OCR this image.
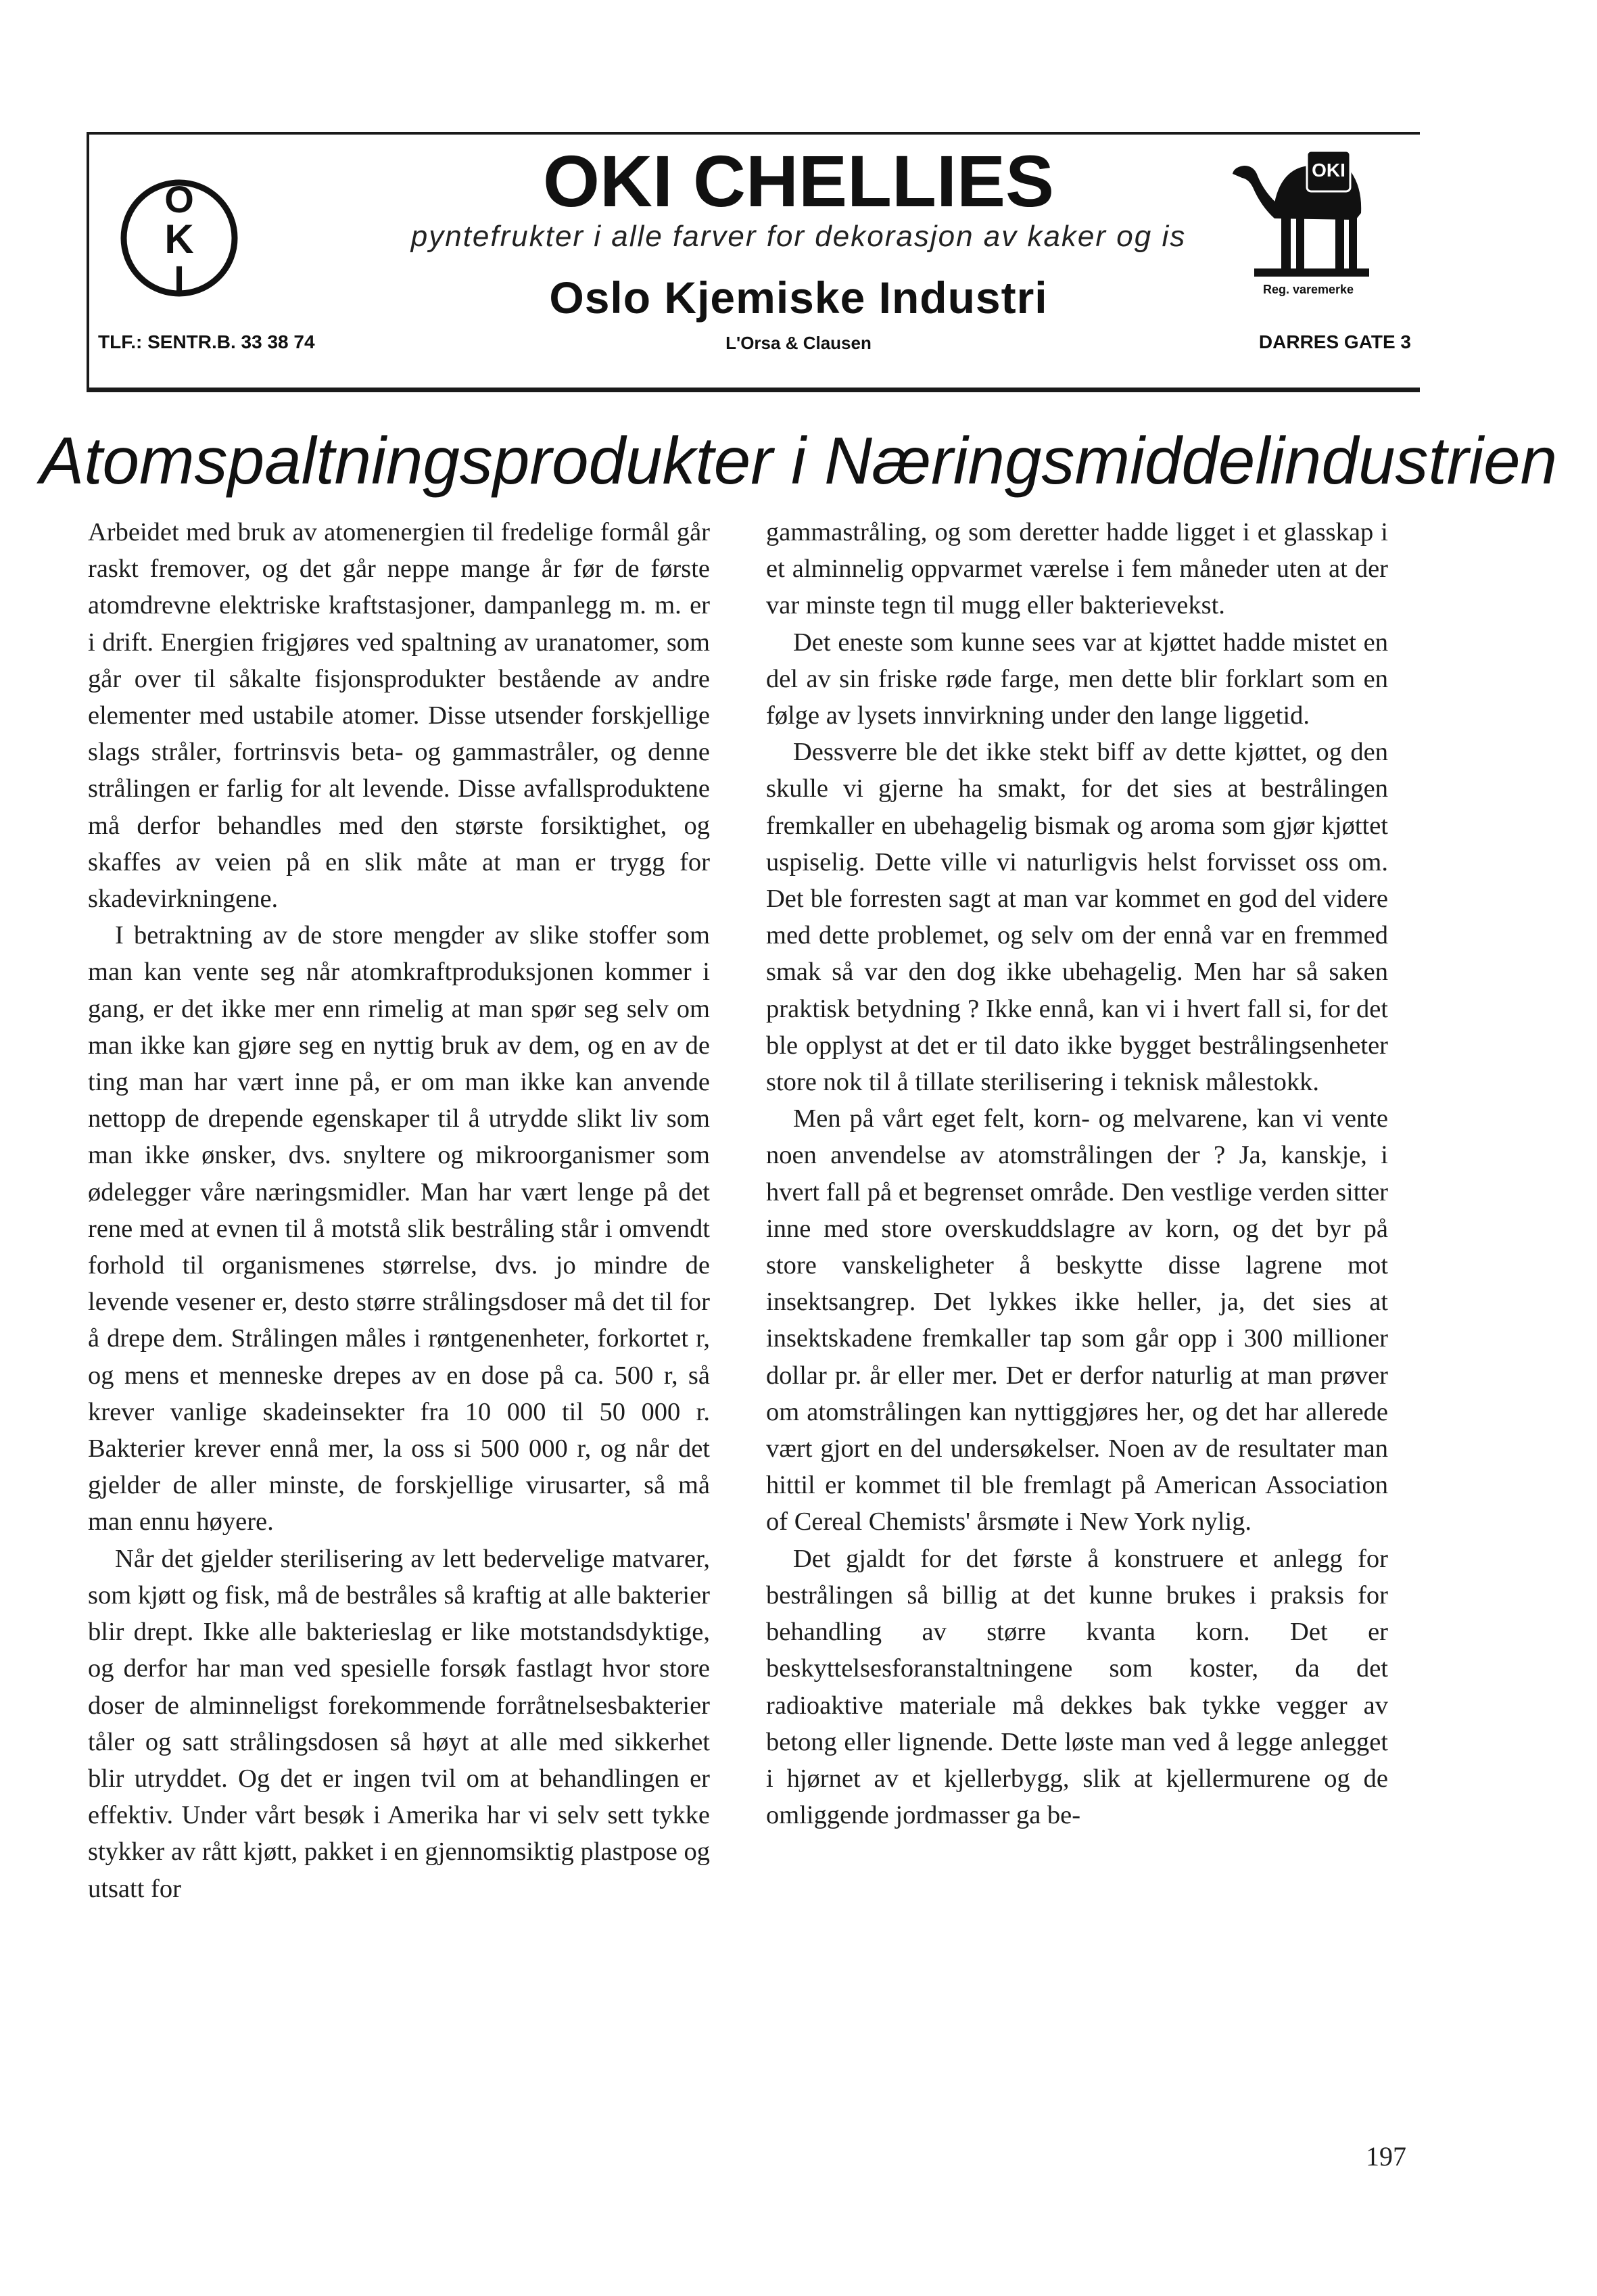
O
K
I
OKI CHELLIES
pyntefrukter i alle farver for dekorasjon av kaker og is
Oslo Kjemiske Industri
TLF.: SENTR.B. 33 38 74	L'Orsa & Clausen	DARRES GATE 3
OKI
Reg. varemerke
Atomspaltningsprodukter i Næringsmiddelindustrien

Arbeidet med bruk av atomenergien til fredelige formål går raskt fremover, og det går neppe mange år før de første atomdrevne elektriske kraftstasjoner, dampanlegg m. m. er i drift. Energien frigjøres ved spaltning av uranatomer, som går over til såkalte fisjonsprodukter bestående av andre elementer med ustabile atomer. Disse utsender forskjellige slags stråler, fortrinsvis beta- og gammastråler, og denne strålingen er farlig for alt levende. Disse avfallsproduktene må derfor behandles med den største forsiktighet, og skaffes av veien på en slik måte at man er trygg for skadevirkningene.

I betraktning av de store mengder av slike stoffer som man kan vente seg når atomkraftproduksjonen kommer i gang, er det ikke mer enn rimelig at man spør seg selv om man ikke kan gjøre seg en nyttig bruk av dem, og en av de ting man har vært inne på, er om man ikke kan anvende nettopp de drepende egenskaper til å utrydde slikt liv som man ikke ønsker, dvs. snyltere og mikroorganismer som ødelegger våre næringsmidler. Man har vært lenge på det rene med at evnen til å motstå slik bestråling står i omvendt forhold til organismenes størrelse, dvs. jo mindre de levende vesener er, desto større strålingsdoser må det til for å drepe dem. Strålingen måles i røntgenenheter, forkortet r, og mens et menneske drepes av en dose på ca. 500 r, så krever vanlige skadeinsekter fra 10 000 til 50 000 r. Bakterier krever ennå mer, la oss si 500 000 r, og når det gjelder de aller minste, de forskjellige virusarter, så må man ennu høyere.

Når det gjelder sterilisering av lett bedervelige matvarer, som kjøtt og fisk, må de bestråles så kraftig at alle bakterier blir drept. Ikke alle bakterieslag er like motstandsdyktige, og derfor har man ved spesielle forsøk fastlagt hvor store doser de alminneligst forekommende forråtnelsesbakterier tåler og satt strålingsdosen så høyt at alle med sikkerhet blir utryddet. Og det er ingen tvil om at behandlingen er effektiv. Under vårt besøk i Amerika har vi selv sett tykke stykker av rått kjøtt, pakket i en gjennomsiktig plastpose og utsatt for

gammastråling, og som deretter hadde ligget i et glasskap i et alminnelig oppvarmet værelse i fem måneder uten at der var minste tegn til mugg eller bakterievekst.

Det eneste som kunne sees var at kjøttet hadde mistet en del av sin friske røde farge, men dette blir forklart som en følge av lysets innvirkning under den lange liggetid.

Dessverre ble det ikke stekt biff av dette kjøttet, og den skulle vi gjerne ha smakt, for det sies at bestrålingen fremkaller en ubehagelig bismak og aroma som gjør kjøttet uspiselig. Dette ville vi naturligvis helst forvisset oss om. Det ble forresten sagt at man var kommet en god del videre med dette problemet, og selv om der ennå var en fremmed smak så var den dog ikke ubehagelig. Men har så saken praktisk betydning ? Ikke ennå, kan vi i hvert fall si, for det ble opplyst at det er til dato ikke bygget bestrålingsenheter store nok til å tillate sterilisering i teknisk målestokk.

Men på vårt eget felt, korn- og melvarene, kan vi vente noen anvendelse av atomstrålingen der ? Ja, kanskje, i hvert fall på et begrenset område. Den vestlige verden sitter inne med store overskuddslagre av korn, og det byr på store vanskeligheter å beskytte disse lagrene mot insektsangrep. Det lykkes ikke heller, ja, det sies at insektskadene fremkaller tap som går opp i 300 millioner dollar pr. år eller mer. Det er derfor naturlig at man prøver om atomstrålingen kan nyttiggjøres her, og det har allerede vært gjort en del undersøkelser. Noen av de resultater man hittil er kommet til ble fremlagt på American Association of Cereal Chemists' årsmøte i New York nylig.

Det gjaldt for det første å konstruere et anlegg for bestrålingen så billig at det kunne brukes i praksis for behandling av større kvanta korn. Det er beskyttelsesforanstaltningene som koster, da det radioaktive materiale må dekkes bak tykke vegger av betong eller lignende. Dette løste man ved å legge anlegget i hjørnet av et kjellerbygg, slik at kjellermurene og de omliggende jordmasser ga be-

197
